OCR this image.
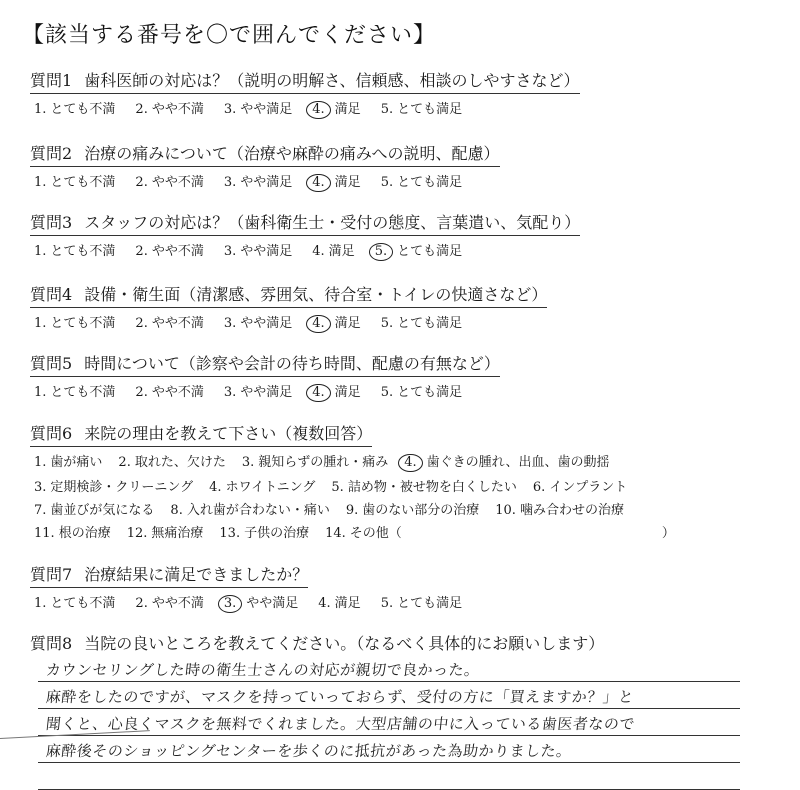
【該当する番号を〇で囲んでください】
質問1 歯科医師の対応は？（説明の明解さ、信頼感、相談のしやすさなど）
1. とても不満 2. やや不満 3. やや満足 4. 満足 5. とても満足
質問2 治療の痛みについて（治療や麻酔の痛みへの説明、配慮）
1. とても不満 2. やや不満 3. やや満足 4. 満足 5. とても満足
質問3 スタッフの対応は？（歯科衛生士・受付の態度、言葉遣い、気配り）
1. とても不満 2. やや不満 3. やや満足 4. 満足 5. とても満足
質問4 設備・衛生面（清潔感、雰囲気、待合室・トイレの快適さなど）
1. とても不満 2. やや不満 3. やや満足 4. 満足 5. とても満足
質問5 時間について（診察や会計の待ち時間、配慮の有無など）
1. とても不満 2. やや不満 3. やや満足 4. 満足 5. とても満足
質問6 来院の理由を教えて下さい（複数回答）
1. 歯が痛い 2. 取れた、欠けた 3. 親知らずの腫れ・痛み 4. 歯ぐきの腫れ、出血、歯の動揺
3. 定期検診・クリーニング 4. ホワイトニング 5. 詰め物・被せ物を白くしたい 6. インプラント
7. 歯並びが気になる 8. 入れ歯が合わない・痛い 9. 歯のない部分の治療 10. 噛み合わせの治療
11. 根の治療 12. 無痛治療 13. 子供の治療 14. その他（	）
質問7 治療結果に満足できましたか？
1. とても不満 2. やや不満 3. やや満足 4. 満足 5. とても満足
質問8 当院の良いところを教えてください。（なるべく具体的にお願いします）
カウンセリングした時の衛生士さんの対応が親切で良かった。
麻酔をしたのですが、マスクを持っていっておらず、受付の方に「買えますか？」と
聞くと、心良くマスクを無料でくれました。大型店舗の中に入っている歯医者なので
麻酔後そのショッピングセンターを歩くのに抵抗があった為助かりました。
